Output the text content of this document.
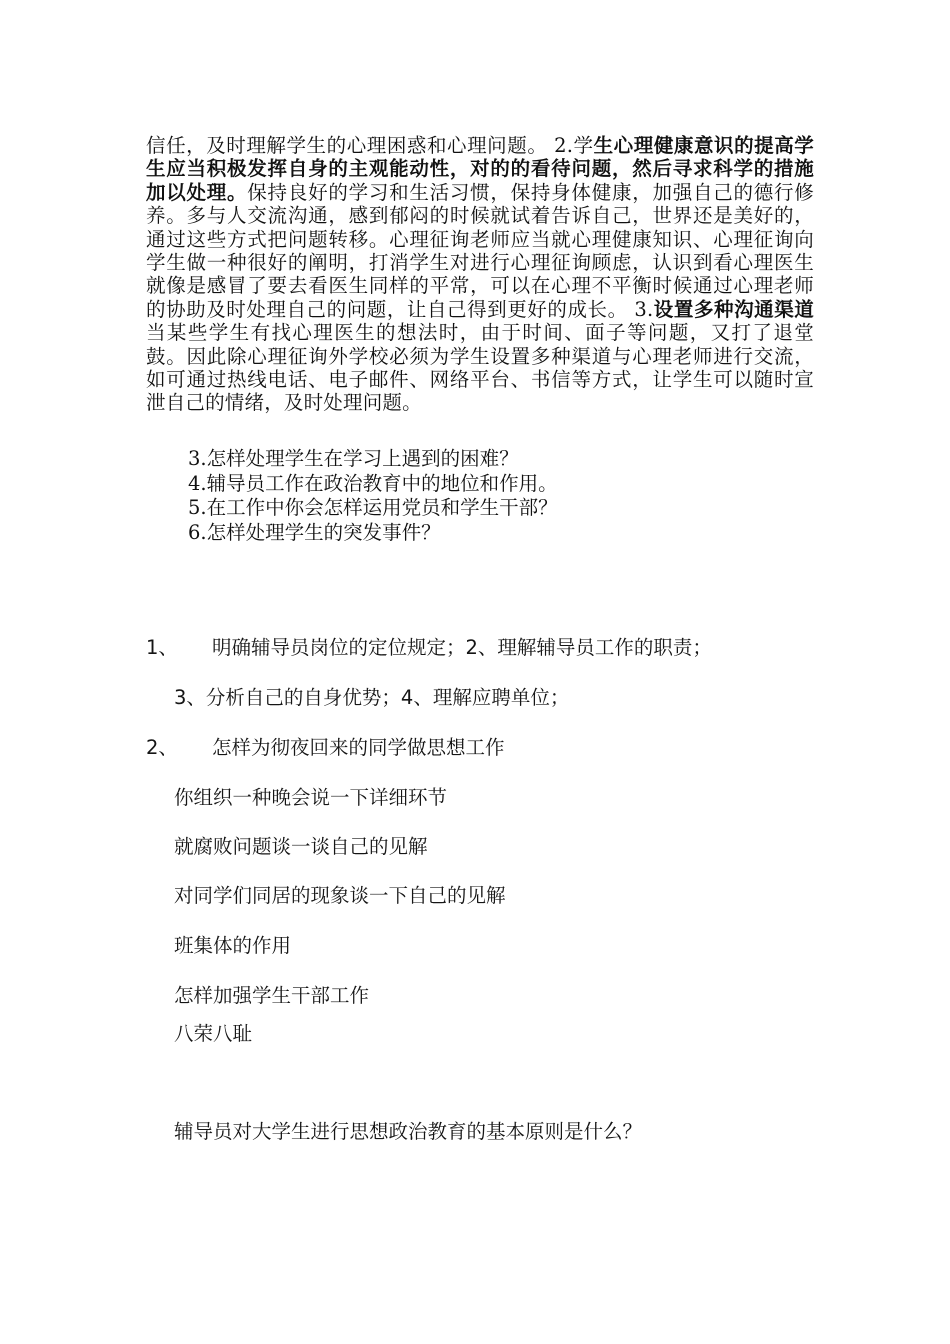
信任，及时理解学生的心理困惑和心理问题。 2.学生心理健康意识的提高学生应当积极发挥自身的主观能动性，对的的看待问题，然后寻求科学的措施加以处理。保持良好的学习和生活习惯，保持身体健康，加强自己的德行修养。多与人交流沟通，感到郁闷的时候就试着告诉自己，世界还是美好的，通过这些方式把问题转移。心理征询老师应当就心理健康知识、心理征询向学生做一种很好的阐明，打消学生对进行心理征询顾虑，认识到看心理医生就像是感冒了要去看医生同样的平常，可以在心理不平衡时候通过心理老师的协助及时处理自己的问题，让自己得到更好的成长。 3.设置多种沟通渠道当某些学生有找心理医生的想法时，由于时间、面子等问题，又打了退堂鼓。因此除心理征询外学校必须为学生设置多种渠道与心理老师进行交流，如可通过热线电话、电子邮件、网络平台、书信等方式，让学生可以随时宣泄自己的情绪，及时处理问题。
3.怎样处理学生在学习上遇到的困难？
4.辅导员工作在政治教育中的地位和作用。
5.在工作中你会怎样运用党员和学生干部？
6.怎样处理学生的突发事件？
1、 明确辅导员岗位的定位规定；2、理解辅导员工作的职责；
3、分析自己的自身优势；4、理解应聘单位；
2、 怎样为彻夜回来的同学做思想工作
你组织一种晚会说一下详细环节
就腐败问题谈一谈自己的见解
对同学们同居的现象谈一下自己的见解
班集体的作用
怎样加强学生干部工作
八荣八耻
辅导员对大学生进行思想政治教育的基本原则是什么？
